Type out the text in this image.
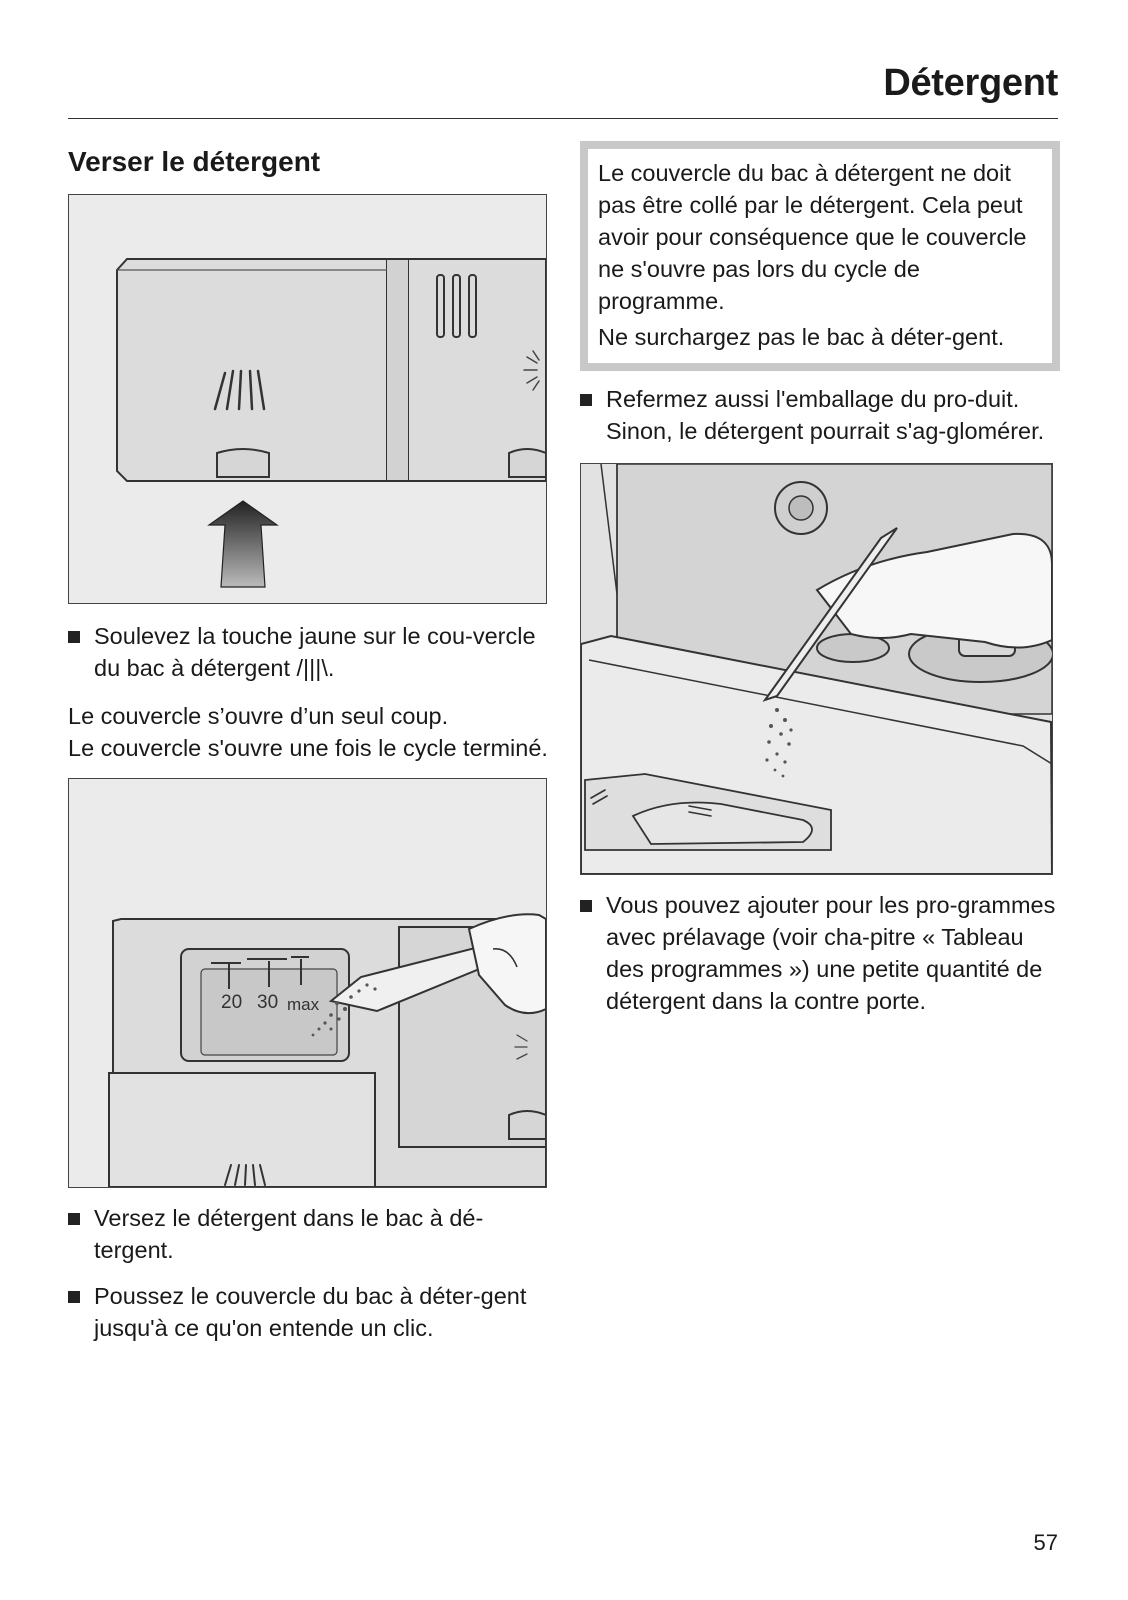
Détergent
Verser le détergent
Soulevez la touche jaune sur le cou-vercle du bac à détergent /|||\.

Le couvercle s’ouvre d’un seul coup.

Le couvercle s'ouvre une fois le cycle terminé.

20 30 max
Versez le détergent dans le bac à dé-tergent.
Poussez le couvercle du bac à déter-gent jusqu'à ce qu'on entende un clic.

Le couvercle du bac à détergent ne doit pas être collé par le détergent. Cela peut avoir pour conséquence que le couvercle ne s'ouvre pas lors du cycle de programme.

Ne surchargez pas le bac à déter-gent.

Refermez aussi l'emballage du pro-duit. Sinon, le détergent pourrait s'ag-glomérer.
Vous pouvez ajouter pour les pro-grammes avec prélavage (voir cha-pitre « Tableau des programmes ») une petite quantité de détergent dans la contre porte.
57
